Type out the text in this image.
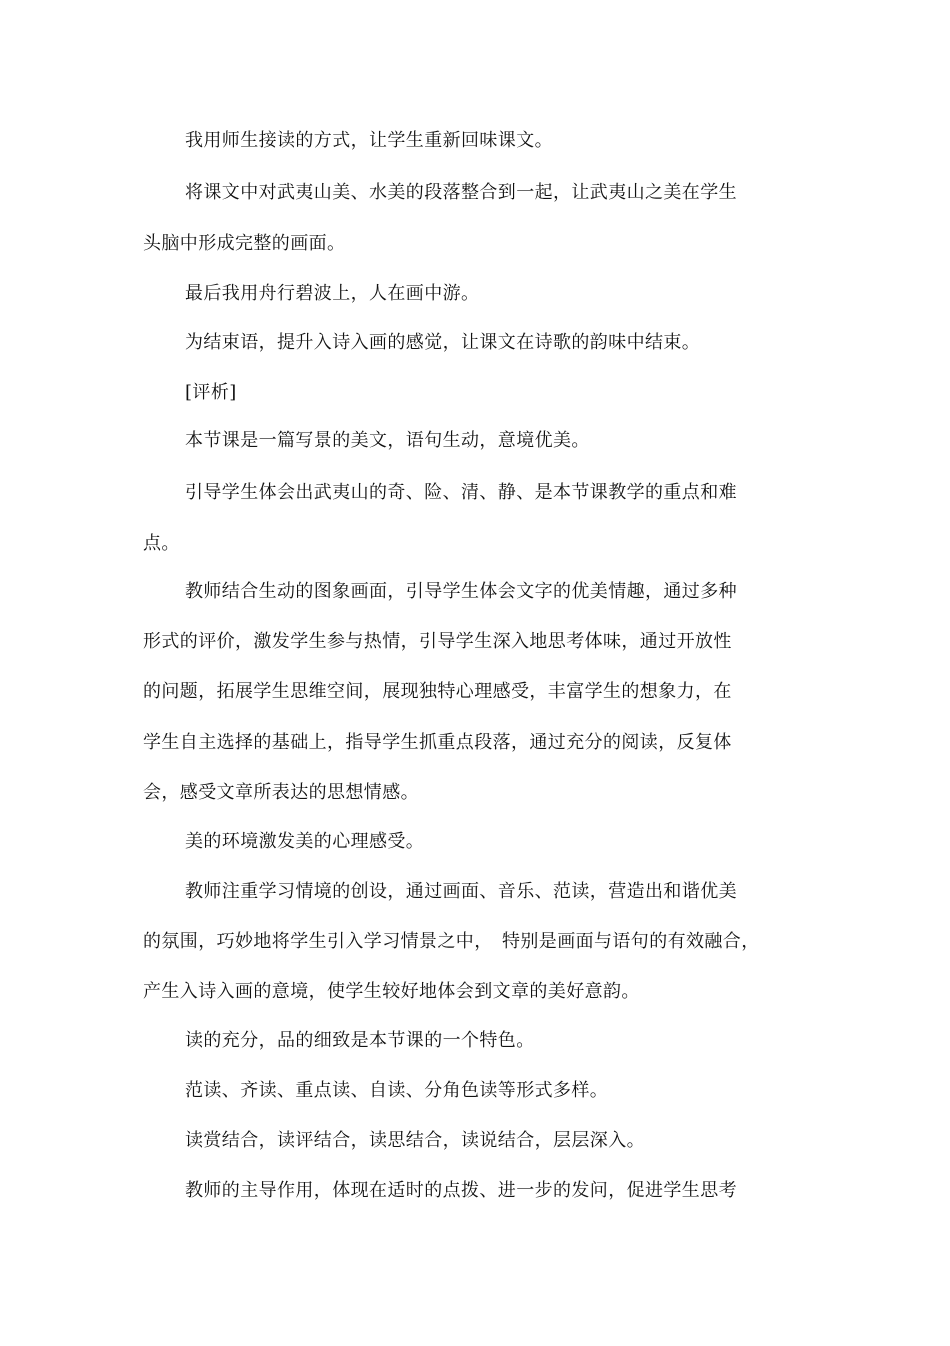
我用师生接读的方式，让学生重新回味课文。
将课文中对武夷山美、水美的段落整合到一起，让武夷山之美在学生
头脑中形成完整的画面。
最后我用舟行碧波上，人在画中游。
为结束语，提升入诗入画的感觉，让课文在诗歌的韵味中结束。
[评析]
本节课是一篇写景的美文，语句生动，意境优美。
引导学生体会出武夷山的奇、险、清、静、是本节课教学的重点和难
点。
教师结合生动的图象画面，引导学生体会文字的优美情趣，通过多种
形式的评价，激发学生参与热情，引导学生深入地思考体味，通过开放性
的问题，拓展学生思维空间，展现独特心理感受，丰富学生的想象力，在
学生自主选择的基础上，指导学生抓重点段落，通过充分的阅读，反复体
会，感受文章所表达的思想情感。
美的环境激发美的心理感受。
教师注重学习情境的创设，通过画面、音乐、范读，营造出和谐优美
的氛围，巧妙地将学生引入学习情景之中，　特别是画面与语句的有效融合，
产生入诗入画的意境，使学生较好地体会到文章的美好意韵。
读的充分，品的细致是本节课的一个特色。
范读、齐读、重点读、自读、分角色读等形式多样。
读赏结合，读评结合，读思结合，读说结合，层层深入。
教师的主导作用，体现在适时的点拨、进一步的发问，促进学生思考
